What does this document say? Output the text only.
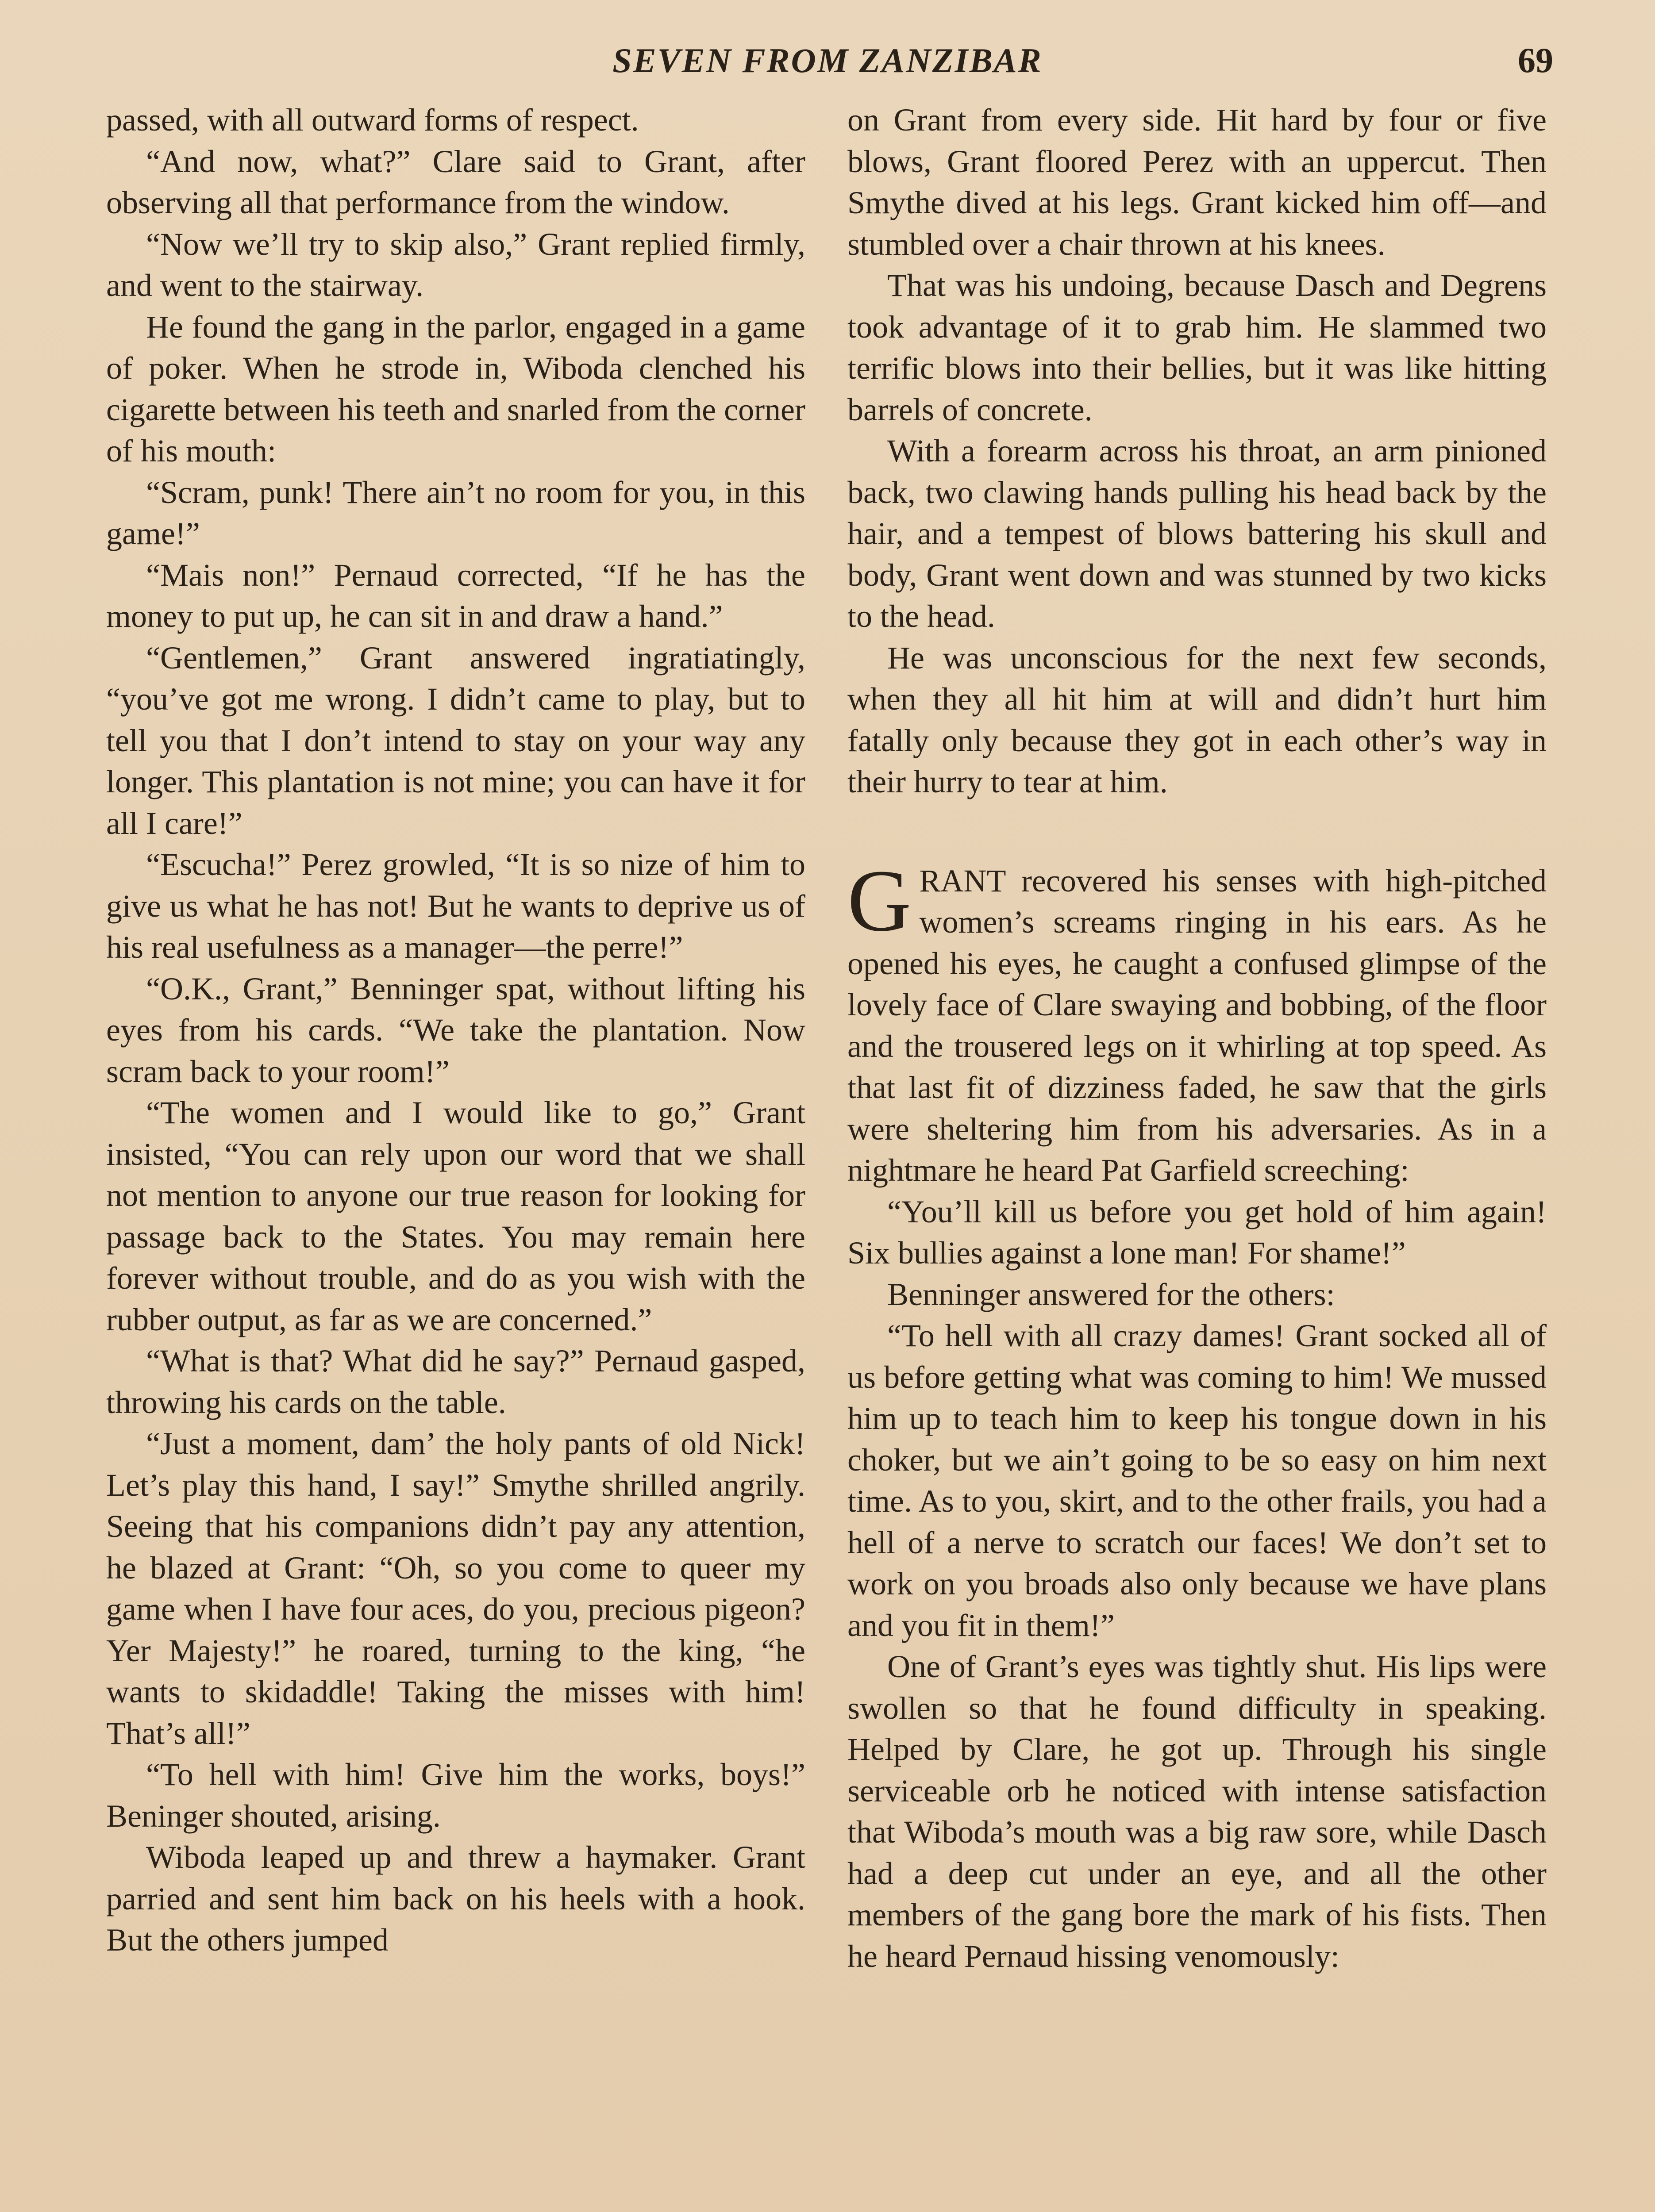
SEVEN FROM ZANZIBAR	69

passed, with all outward forms of respect.

“And now, what?” Clare said to Grant, after observing all that performance from the window.

“Now we’ll try to skip also,” Grant replied firmly, and went to the stairway.

He found the gang in the parlor, engaged in a game of poker. When he strode in, Wiboda clenched his cigarette between his teeth and snarled from the corner of his mouth:

“Scram, punk! There ain’t no room for you, in this game!”

“Mais non!” Pernaud corrected, “If he has the money to put up, he can sit in and draw a hand.”

“Gentlemen,” Grant answered ingratiatingly, “you’ve got me wrong. I didn’t came to play, but to tell you that I don’t intend to stay on your way any longer. This plantation is not mine; you can have it for all I care!”

“Escucha!” Perez growled, “It is so nize of him to give us what he has not! But he wants to deprive us of his real usefulness as a manager—the perre!”

“O.K., Grant,” Benninger spat, without lifting his eyes from his cards. “We take the plantation. Now scram back to your room!”

“The women and I would like to go,” Grant insisted, “You can rely upon our word that we shall not mention to anyone our true reason for looking for passage back to the States. You may remain here forever without trouble, and do as you wish with the rubber output, as far as we are concerned.”

“What is that? What did he say?” Pernaud gasped, throwing his cards on the table.

“Just a moment, dam’ the holy pants of old Nick! Let’s play this hand, I say!” Smythe shrilled angrily. Seeing that his companions didn’t pay any attention, he blazed at Grant: “Oh, so you come to queer my game when I have four aces, do you, precious pigeon? Yer Majesty!” he roared, turning to the king, “he wants to skidaddle! Taking the misses with him! That’s all!”

“To hell with him! Give him the works, boys!” Beninger shouted, arising.

Wiboda leaped up and threw a haymaker. Grant parried and sent him back on his heels with a hook. But the others jumped

on Grant from every side. Hit hard by four or five blows, Grant floored Perez with an uppercut. Then Smythe dived at his legs. Grant kicked him off—and stumbled over a chair thrown at his knees.

That was his undoing, because Dasch and Degrens took advantage of it to grab him. He slammed two terrific blows into their bellies, but it was like hitting barrels of concrete.

With a forearm across his throat, an arm pinioned back, two clawing hands pulling his head back by the hair, and a tempest of blows battering his skull and body, Grant went down and was stunned by two kicks to the head.

He was unconscious for the next few seconds, when they all hit him at will and didn’t hurt him fatally only because they got in each other’s way in their hurry to tear at him.

GRANT recovered his senses with high-pitched women’s screams ringing in his ears. As he opened his eyes, he caught a confused glimpse of the lovely face of Clare swaying and bobbing, of the floor and the trousered legs on it whirling at top speed. As that last fit of dizziness faded, he saw that the girls were sheltering him from his adversaries. As in a nightmare he heard Pat Garfield screeching:

“You’ll kill us before you get hold of him again! Six bullies against a lone man! For shame!”

Benninger answered for the others:

“To hell with all crazy dames! Grant socked all of us before getting what was coming to him! We mussed him up to teach him to keep his tongue down in his choker, but we ain’t going to be so easy on him next time. As to you, skirt, and to the other frails, you had a hell of a nerve to scratch our faces! We don’t set to work on you broads also only because we have plans and you fit in them!”

One of Grant’s eyes was tightly shut. His lips were swollen so that he found difficulty in speaking. Helped by Clare, he got up. Through his single serviceable orb he noticed with intense satisfaction that Wiboda’s mouth was a big raw sore, while Dasch had a deep cut under an eye, and all the other members of the gang bore the mark of his fists. Then he heard Pernaud hissing venomously:
